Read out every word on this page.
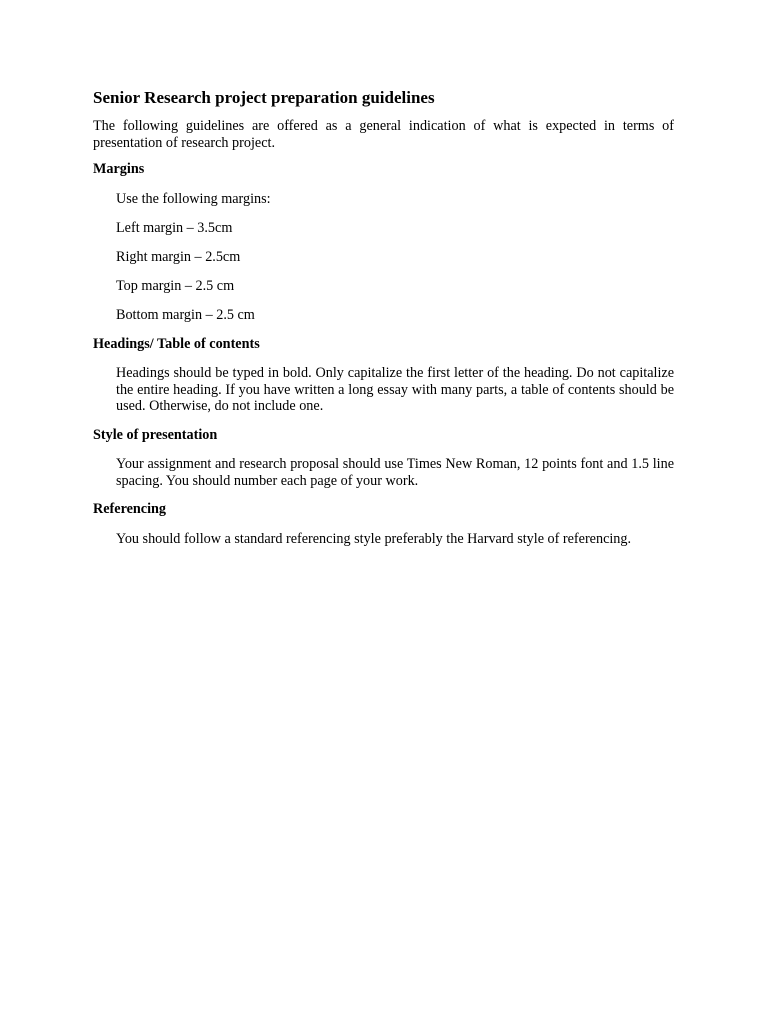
Senior Research project preparation guidelines

The following guidelines are offered as a general indication of what is expected in terms of presentation of research project.

Margins

Use the following margins:

Left margin – 3.5cm

Right margin – 2.5cm

Top margin – 2.5 cm

Bottom margin – 2.5 cm

Headings/ Table of contents

Headings should be typed in bold. Only capitalize the first letter of the heading. Do not capitalize the entire heading. If you have written a long essay with many parts, a table of contents should be used. Otherwise, do not include one.

Style of presentation

Your assignment and research proposal should use Times New Roman, 12 points font and 1.5 line spacing. You should number each page of your work.

Referencing

You should follow a standard referencing style preferably the Harvard style of referencing.
